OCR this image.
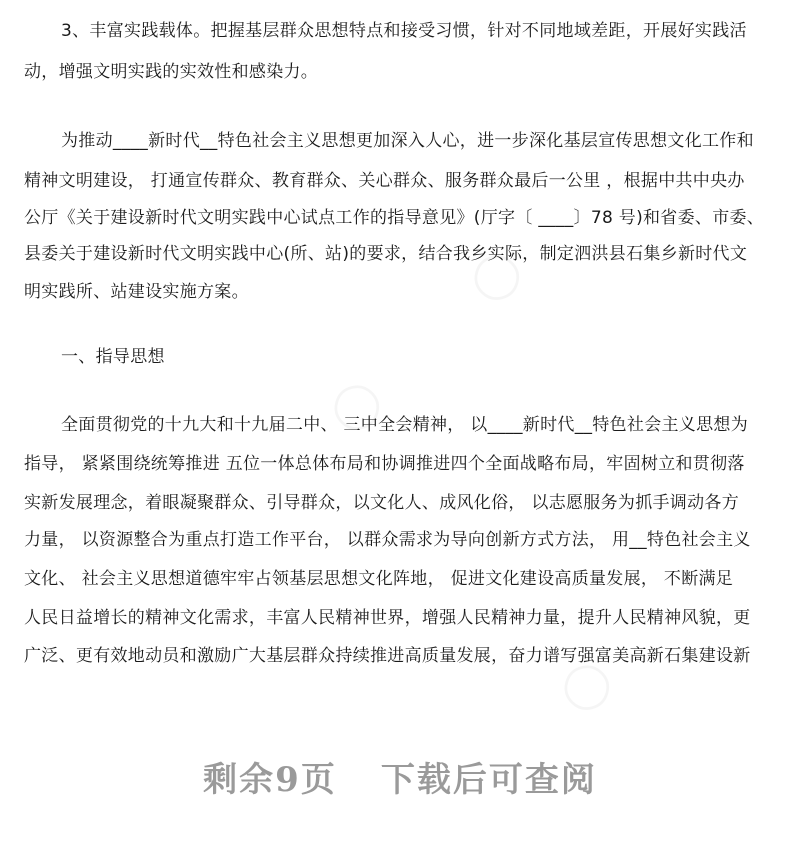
3、丰富实践载体。把握基层群众思想特点和接受习惯，针对不同地域差距，开展好实践活
动，增强文明实践的实效性和感染力。
为推动____新时代__特色社会主义思想更加深入人心，进一步深化基层宣传思想文化工作和
精神文明建设， 打通宣传群众、教育群众、关心群众、服务群众最后一公里 ，根据中共中央办
公厅《关于建设新时代文明实践中心试点工作的指导意见》(厅字〔 ____〕78 号)和省委、市委、
县委关于建设新时代文明实践中心(所、站)的要求，结合我乡实际，制定泗洪县石集乡新时代文
明实践所、站建设实施方案。
一、指导思想
全面贯彻党的十九大和十九届二中、 三中全会精神， 以____新时代__特色社会主义思想为
指导， 紧紧围绕统筹推进 五位一体总体布局和协调推进四个全面战略布局，牢固树立和贯彻落
实新发展理念，着眼凝聚群众、引导群众，以文化人、成风化俗， 以志愿服务为抓手调动各方
力量， 以资源整合为重点打造工作平台， 以群众需求为导向创新方式方法， 用__特色社会主义
文化、 社会主义思想道德牢牢占领基层思想文化阵地， 促进文化建设高质量发展， 不断满足
人民日益增长的精神文化需求，丰富人民精神世界，增强人民精神力量，提升人民精神风貌，更
广泛、更有效地动员和激励广大基层群众持续推进高质量发展，奋力谱写强富美高新石集建设新
剩余9页 下载后可查阅
